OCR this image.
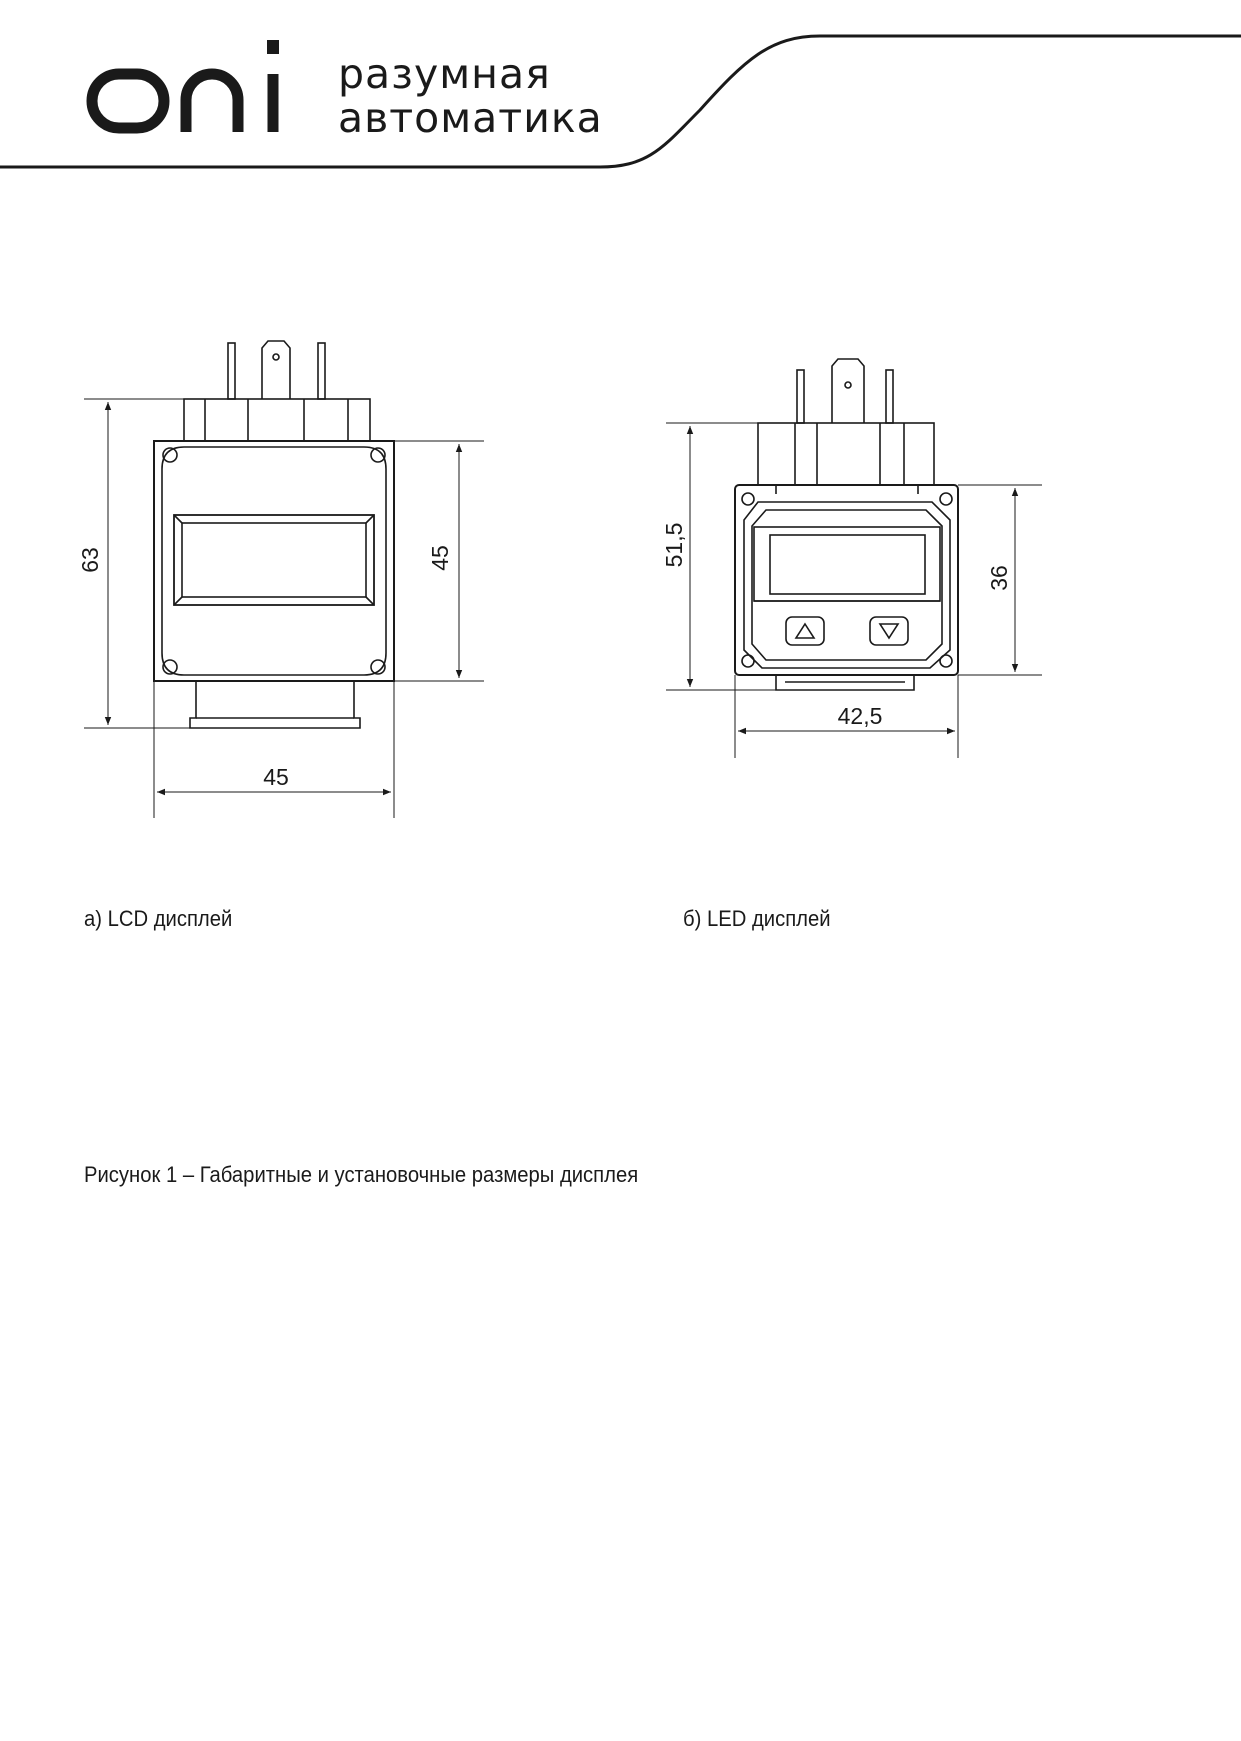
разумная
автоматика
63	45
45
51,5
36
42,5
а) LCD дисплей	б) LED дисплей
Рисунок 1 – Габаритные и установочные размеры дисплея
